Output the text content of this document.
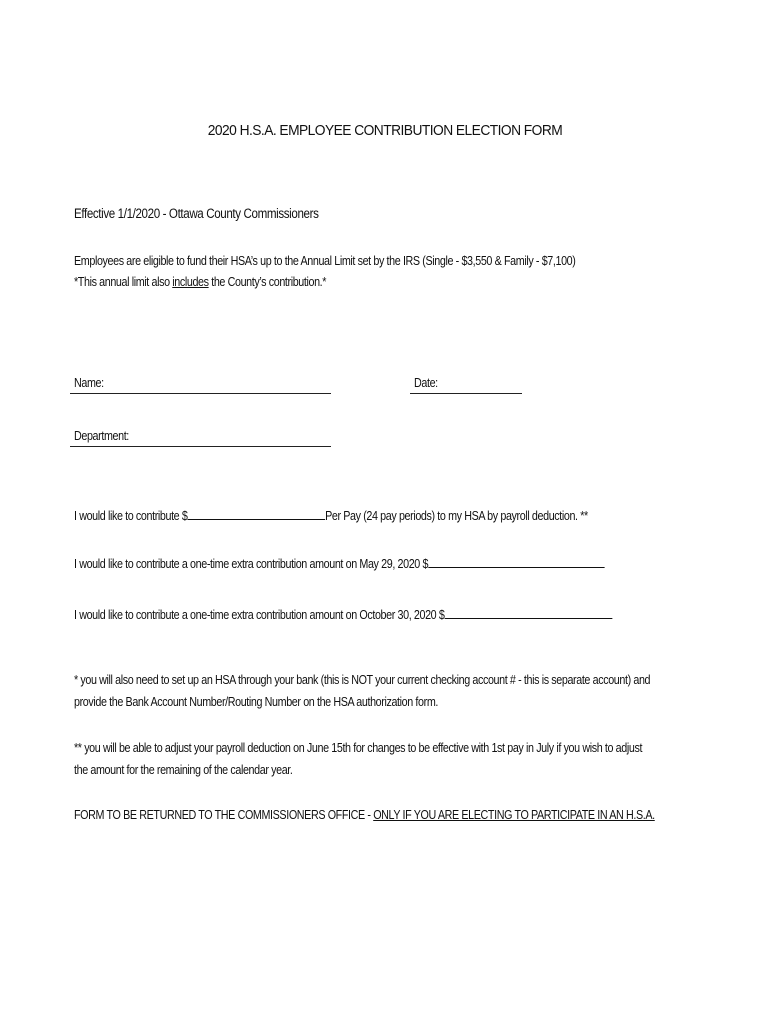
2020 H.S.A. EMPLOYEE CONTRIBUTION ELECTION FORM
Effective 1/1/2020 - Ottawa County Commissioners
Employees are eligible to fund their HSA’s up to the Annual Limit set by the IRS (Single - $3,550 & Family - $7,100)
*This annual limit also includes the County’s contribution.*
Name:	Date:
Department:
I would like to contribute $	Per Pay (24 pay periods) to my HSA by payroll deduction. **
I would like to contribute a one-time extra contribution amount on May 29, 2020 $
I would like to contribute a one-time extra contribution amount on October 30, 2020 $
* you will also need to set up an HSA through your bank (this is NOT your current checking account # - this is separate account) and
provide the Bank Account Number/Routing Number on the HSA authorization form.
** you will be able to adjust your payroll deduction on June 15th for changes to be effective with 1st pay in July if you wish to adjust
the amount for the remaining of the calendar year.
FORM TO BE RETURNED TO THE COMMISSIONERS OFFICE - ONLY IF YOU ARE ELECTING TO PARTICIPATE IN AN H.S.A.
